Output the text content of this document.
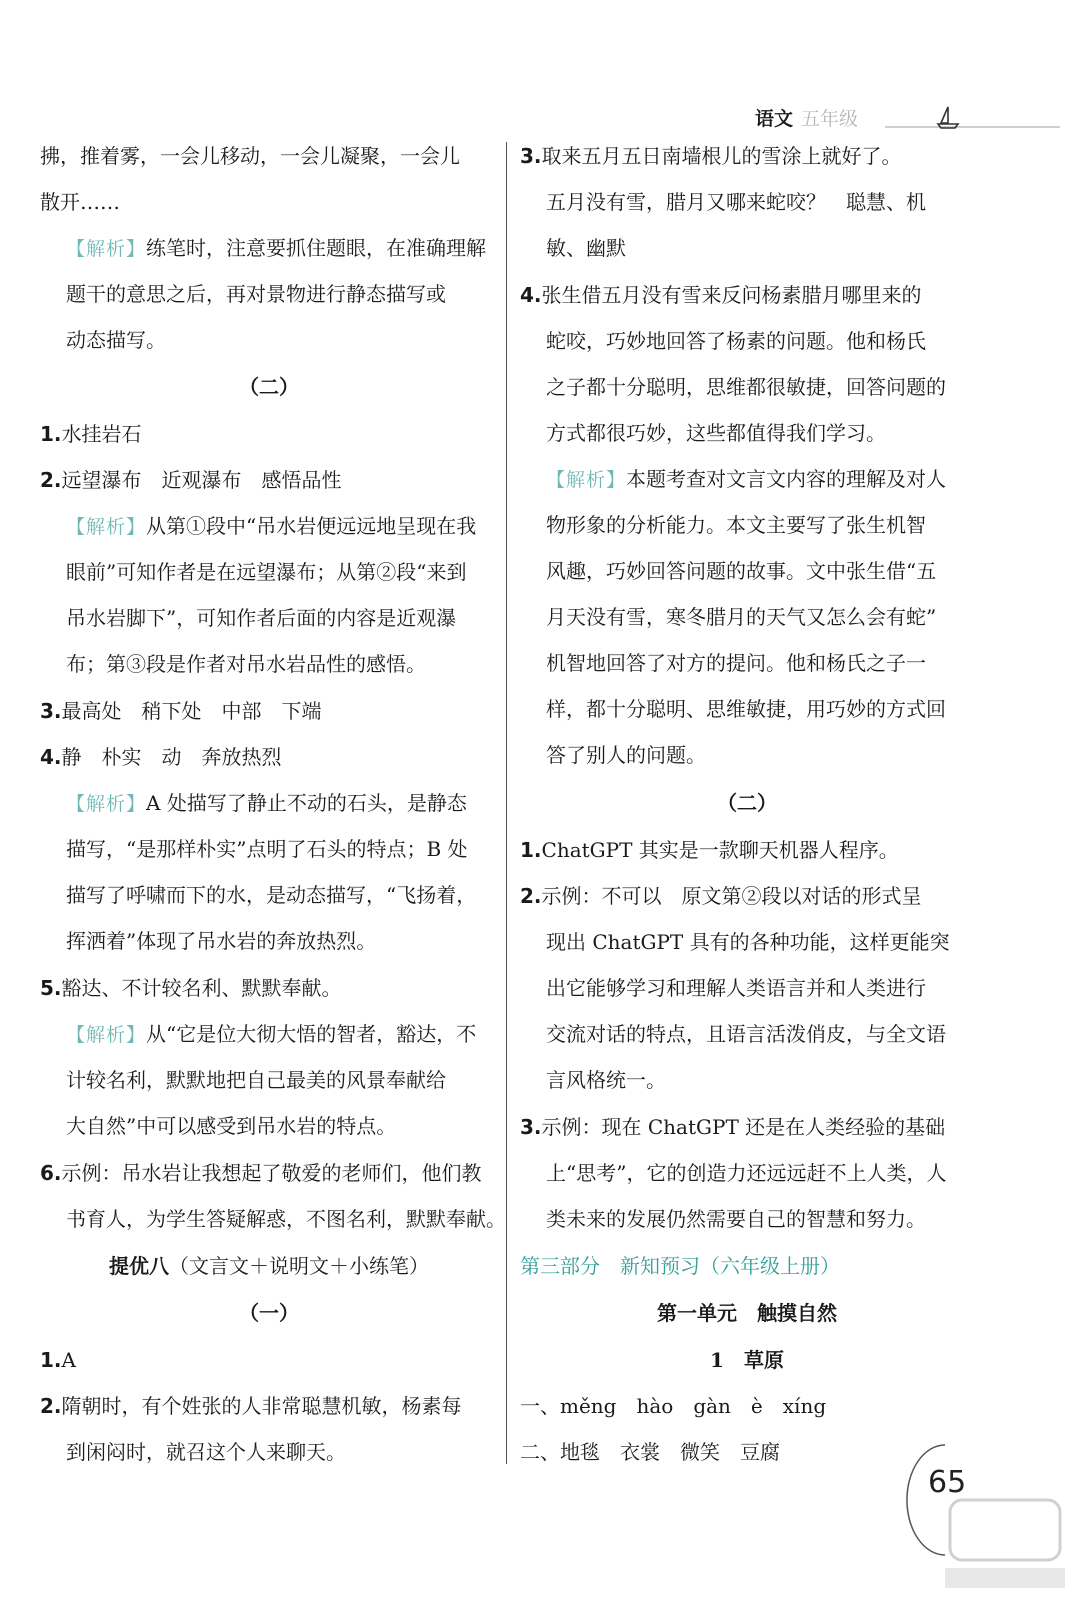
语文 五年级
拂，推着雾，一会儿移动，一会儿凝聚，一会儿
散开……
【解析】练笔时，注意要抓住题眼，在准确理解
题干的意思之后，再对景物进行静态描写或
动态描写。
（二）
1.水挂岩石
2.远望瀑布　近观瀑布　感悟品性
【解析】从第①段中“吊水岩便远远地呈现在我
眼前”可知作者是在远望瀑布；从第②段“来到
吊水岩脚下”，可知作者后面的内容是近观瀑
布；第③段是作者对吊水岩品性的感悟。
3.最高处　稍下处　中部　下端
4.静　朴实　动　奔放热烈
【解析】A 处描写了静止不动的石头，是静态
描写，“是那样朴实”点明了石头的特点；B 处
描写了呼啸而下的水，是动态描写，“飞扬着，
挥洒着”体现了吊水岩的奔放热烈。
5.豁达、不计较名利、默默奉献。
【解析】从“它是位大彻大悟的智者，豁达，不
计较名利，默默地把自己最美的风景奉献给
大自然”中可以感受到吊水岩的特点。
6.示例：吊水岩让我想起了敬爱的老师们，他们教
书育人，为学生答疑解惑，不图名利，默默奉献。
提优八（文言文＋说明文＋小练笔）
（一）
1.A
2.隋朝时，有个姓张的人非常聪慧机敏，杨素每
到闲闷时，就召这个人来聊天。
3.取来五月五日南墙根儿的雪涂上就好了。
五月没有雪，腊月又哪来蛇咬？　聪慧、机
敏、幽默
4.张生借五月没有雪来反问杨素腊月哪里来的
蛇咬，巧妙地回答了杨素的问题。他和杨氏
之子都十分聪明，思维都很敏捷，回答问题的
方式都很巧妙，这些都值得我们学习。
【解析】本题考查对文言文内容的理解及对人
物形象的分析能力。本文主要写了张生机智
风趣，巧妙回答问题的故事。文中张生借“五
月天没有雪，寒冬腊月的天气又怎么会有蛇”
机智地回答了对方的提问。他和杨氏之子一
样，都十分聪明、思维敏捷，用巧妙的方式回
答了别人的问题。
（二）
1.ChatGPT 其实是一款聊天机器人程序。
2.示例：不可以　原文第②段以对话的形式呈
现出 ChatGPT 具有的各种功能，这样更能突
出它能够学习和理解人类语言并和人类进行
交流对话的特点，且语言活泼俏皮，与全文语
言风格统一。
3.示例：现在 ChatGPT 还是在人类经验的基础
上“思考”，它的创造力还远远赶不上人类，人
类未来的发展仍然需要自己的智慧和努力。
第三部分　新知预习（六年级上册）
第一单元　触摸自然
1　草原
一、měng　hào　gàn　è　xíng
二、地毯　衣裳　微笑　豆腐
65
